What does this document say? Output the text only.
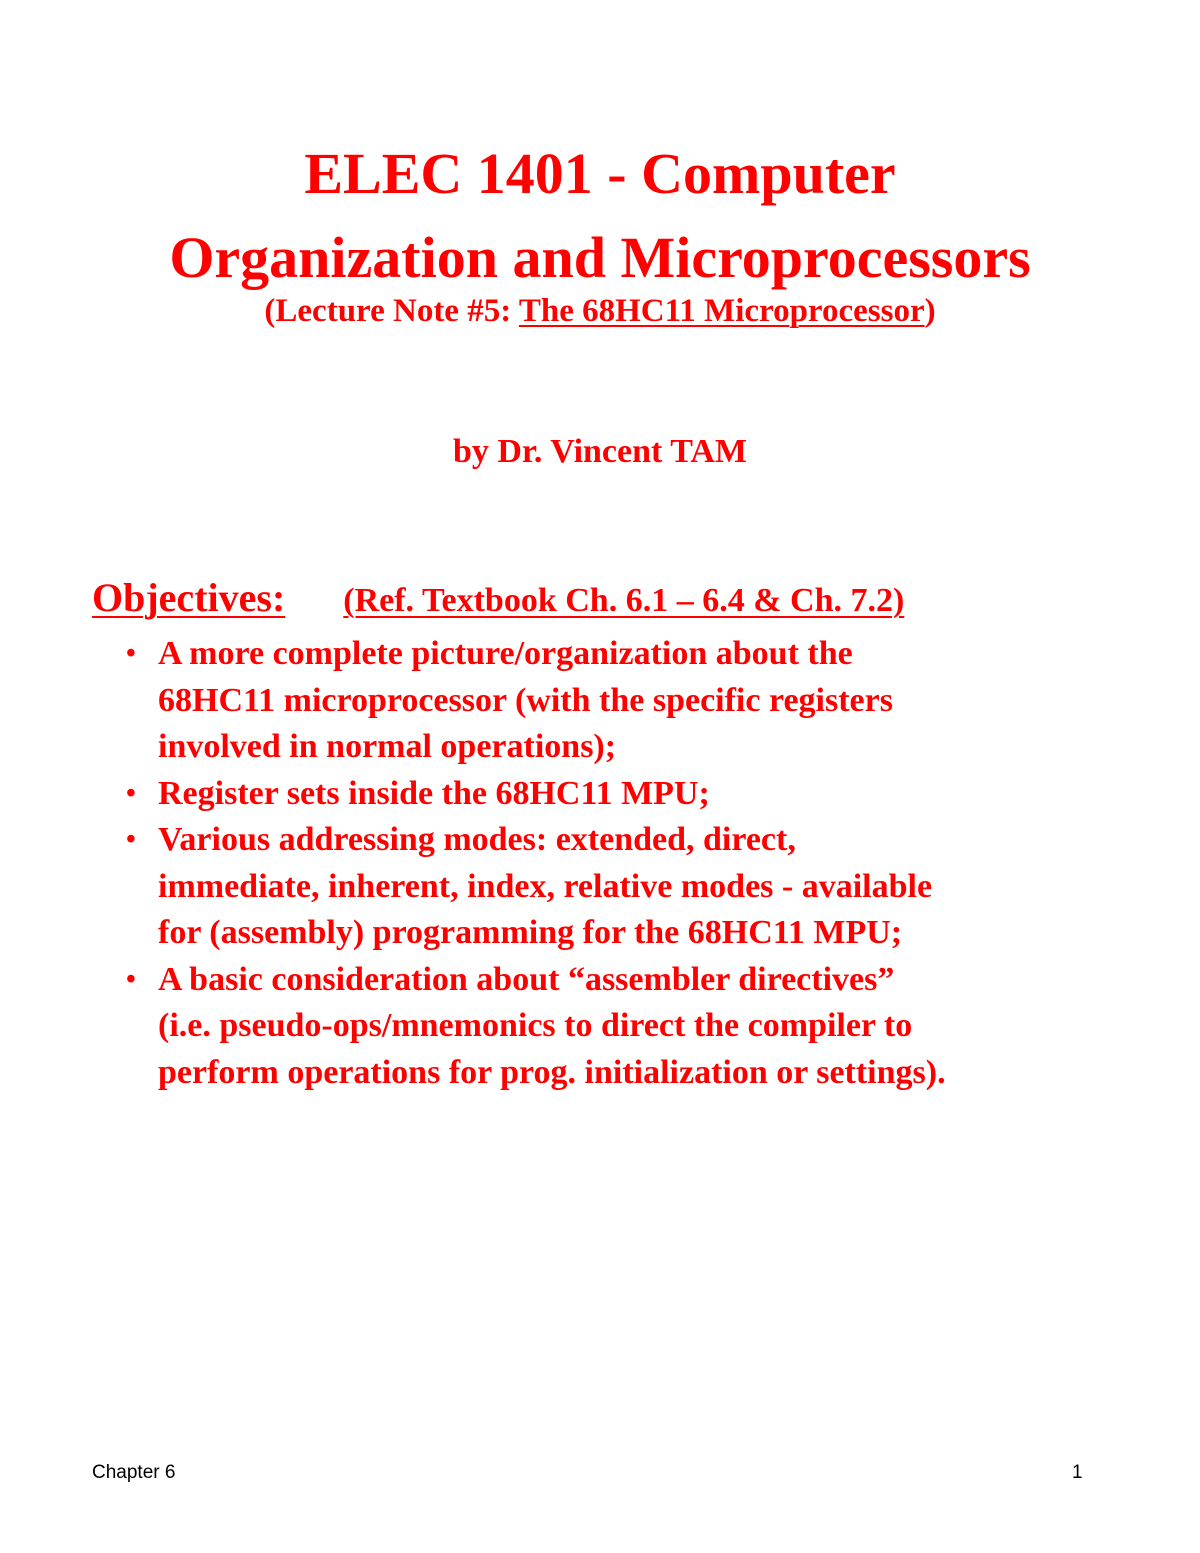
ELEC 1401 - Computer
Organization and Microprocessors
(Lecture Note #5: The 68HC11 Microprocessor)
by Dr. Vincent TAM
Objectives: (Ref. Textbook Ch. 6.1 – 6.4 & Ch. 7.2)
• A more complete picture/organization about the
68HC11 microprocessor (with the specific registers
involved in normal operations);
• Register sets inside the 68HC11 MPU;
• Various addressing modes: extended, direct,
immediate, inherent, index, relative modes - available
for (assembly) programming for the 68HC11 MPU;
• A basic consideration about “assembler directives”
(i.e. pseudo-ops/mnemonics to direct the compiler to
perform operations for prog. initialization or settings).
Chapter 6	1
